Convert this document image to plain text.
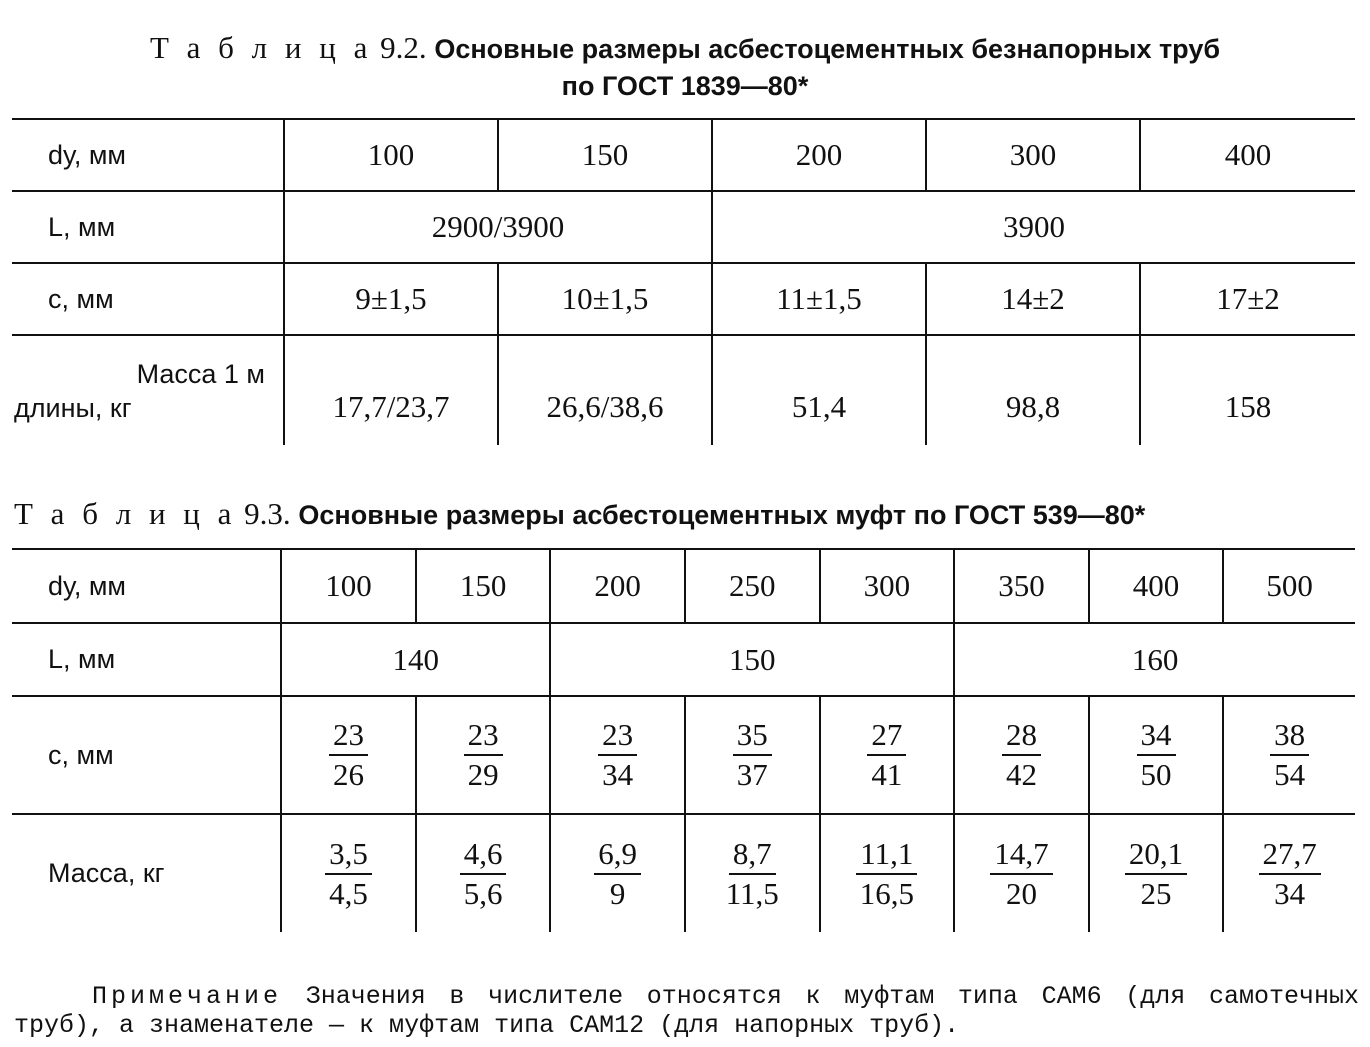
Т а б л и ц а 9.2. Основные размеры асбестоцементных безнапорных труб
по ГОСТ 1839—80*
dу, мм	100	150	200	300	400
L, мм	2900/3900		3900		
c, мм	9±1,5	10±1,5	11±1,5	14±2	17±2

Масса 1 м
длины, кг	17,7/23,7	26,6/38,6	51,4	98,8	158
Т а б л и ц а 9.3. Основные размеры асбестоцементных муфт по ГОСТ 539—80*
dу, мм	100	150	200	250	300	350	400	500
L, мм	140		150			160		
c, мм	$\frac{23}{26}$	$\frac{23}{29}$	$\frac{23}{34}$	$\frac{35}{37}$	$\frac{27}{41}$	$\frac{28}{42}$	$\frac{34}{50}$	$\frac{38}{54}$

Масса, кг	$\frac{3,5}{4,5}$	$\frac{4,6}{5,6}$	$\frac{6,9}{9}$	$\frac{8,7}{11,5}$	$\frac{11,1}{16,5}$	$\frac{14,7}{20}$	$\frac{20,1}{25}$	$\frac{27,7}{34}$
Примечание Значения в числителе относятся к муфтам типа САМ6 (для самотечных труб), а знаменателе — к муфтам типа САМ12 (для напорных труб).
